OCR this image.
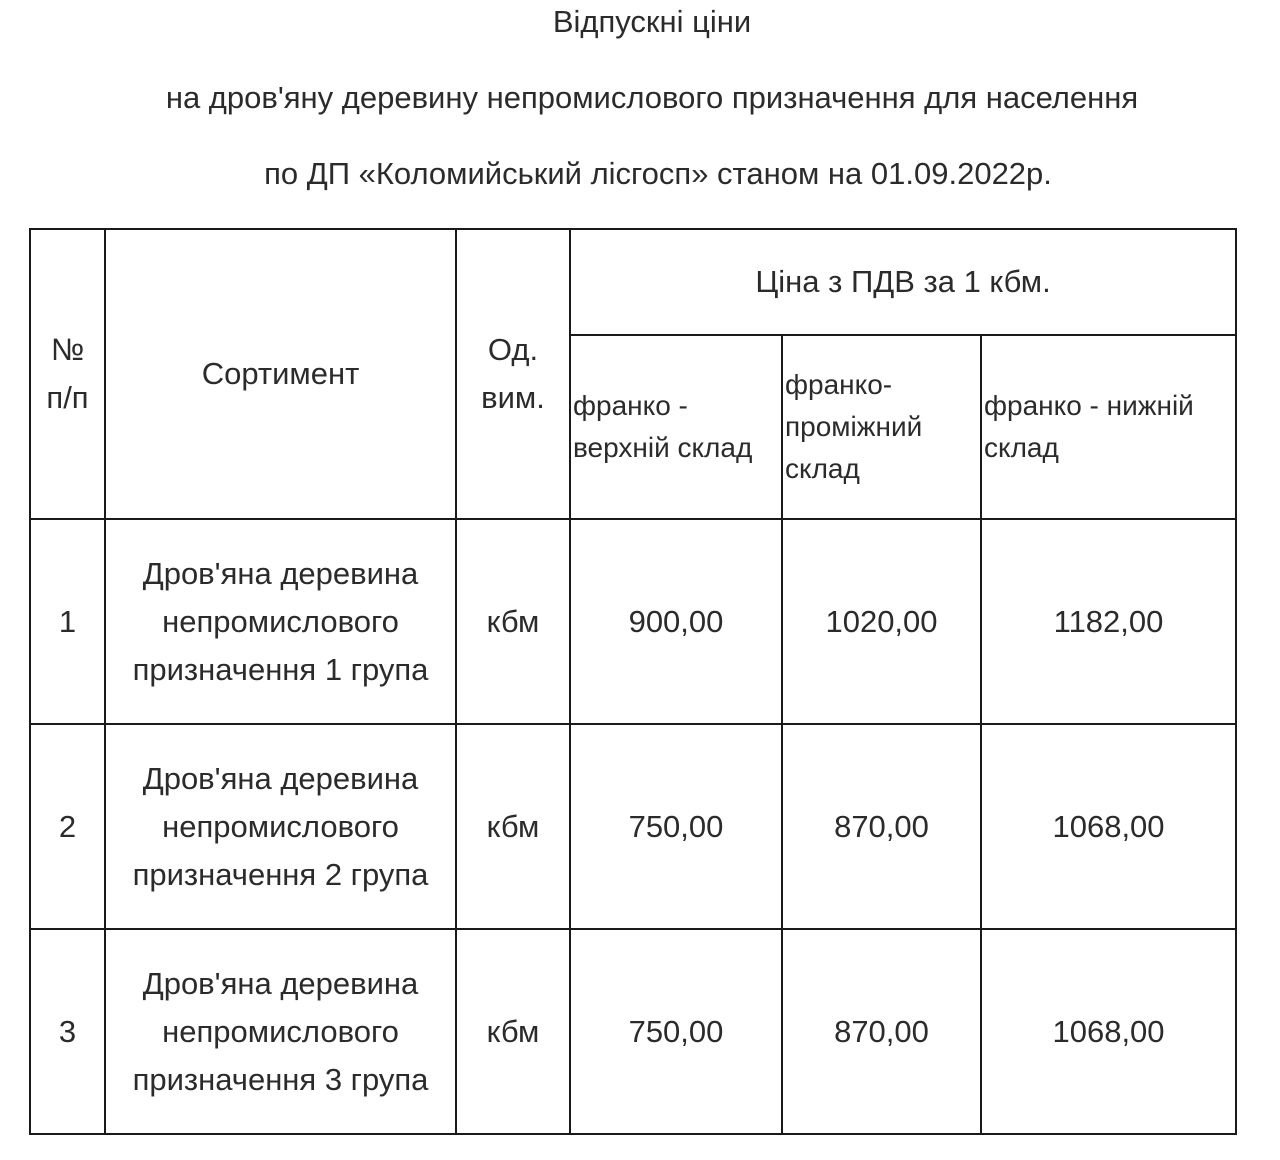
Відпускні ціни
на дров'яну деревину непромислового призначення для населення
по ДП «Коломийський лісгосп» станом на 01.09.2022р.
№ п/п	Сортимент	Од. вим.	Ціна з ПДВ за 1 кбм.		
			франко - верхній склад	франко-проміжний склад	франко - нижній склад
1	Дров'яна деревина непромислового призначення 1 група	кбм	900,00	1020,00	1182,00
2	Дров'яна деревина непромислового призначення 2 група	кбм	750,00	870,00	1068,00
3	Дров'яна деревина непромислового призначення 3 група	кбм	750,00	870,00	1068,00
